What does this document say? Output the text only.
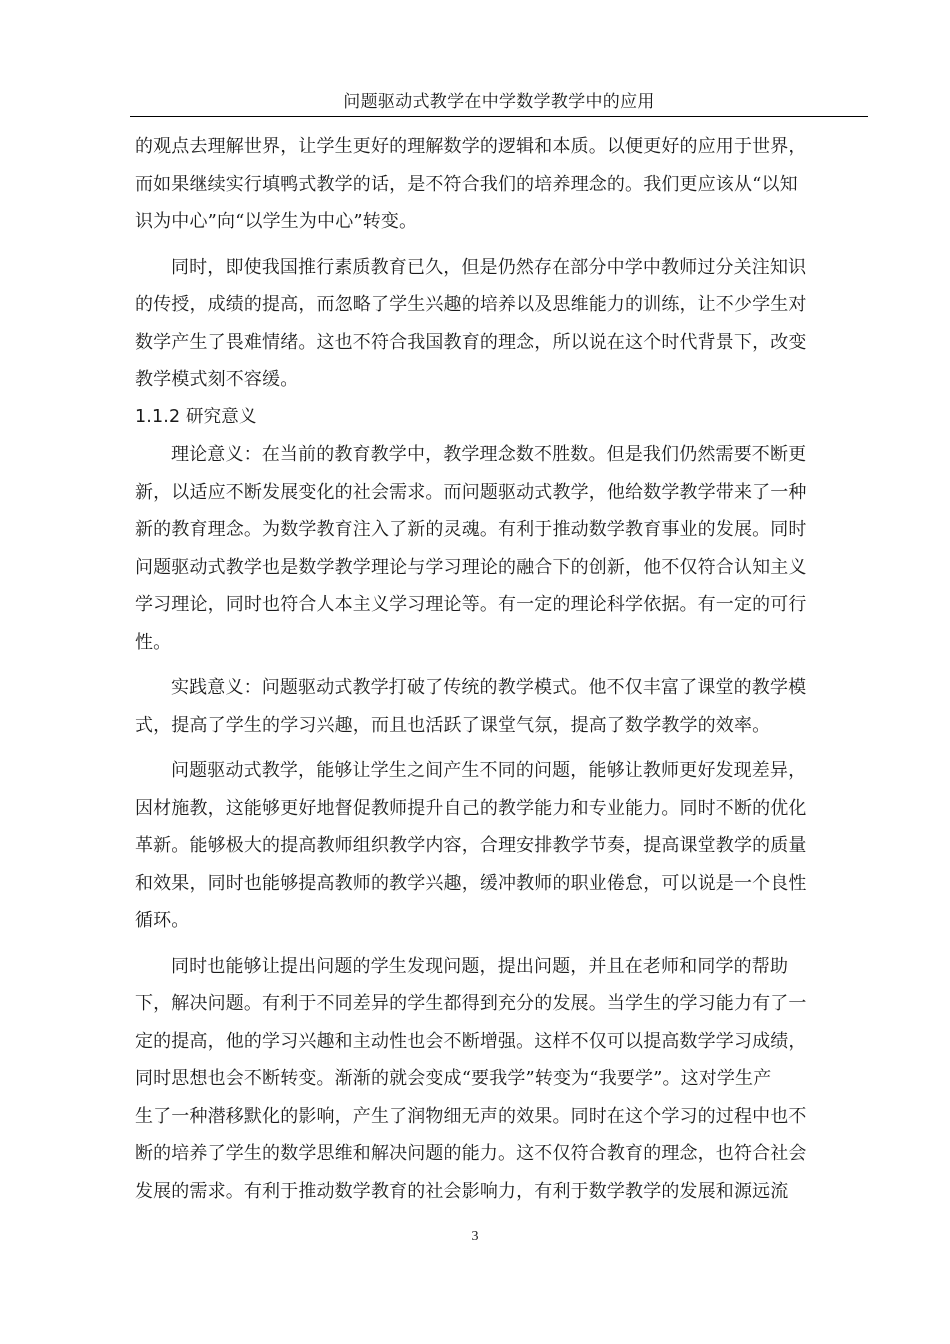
问题驱动式教学在中学数学教学中的应用
的观点去理解世界，让学生更好的理解数学的逻辑和本质。以便更好的应用于世界，
而如果继续实行填鸭式教学的话，是不符合我们的培养理念的。我们更应该从“以知
识为中心”向“以学生为中心”转变。
同时，即使我国推行素质教育已久，但是仍然存在部分中学中教师过分关注知识
的传授，成绩的提高，而忽略了学生兴趣的培养以及思维能力的训练，让不少学生对
数学产生了畏难情绪。这也不符合我国教育的理念，所以说在这个时代背景下，改变
教学模式刻不容缓。
1.1.2 研究意义
理论意义：在当前的教育教学中，教学理念数不胜数。但是我们仍然需要不断更
新，以适应不断发展变化的社会需求。而问题驱动式教学，他给数学教学带来了一种
新的教育理念。为数学教育注入了新的灵魂。有利于推动数学教育事业的发展。同时
问题驱动式教学也是数学教学理论与学习理论的融合下的创新，他不仅符合认知主义
学习理论，同时也符合人本主义学习理论等。有一定的理论科学依据。有一定的可行
性。
实践意义：问题驱动式教学打破了传统的教学模式。他不仅丰富了课堂的教学模
式，提高了学生的学习兴趣，而且也活跃了课堂气氛，提高了数学教学的效率。
问题驱动式教学，能够让学生之间产生不同的问题，能够让教师更好发现差异，
因材施教，这能够更好地督促教师提升自己的教学能力和专业能力。同时不断的优化
革新。能够极大的提高教师组织教学内容，合理安排教学节奏，提高课堂教学的质量
和效果，同时也能够提高教师的教学兴趣，缓冲教师的职业倦怠，可以说是一个良性
循环。
同时也能够让提出问题的学生发现问题，提出问题，并且在老师和同学的帮助
下，解决问题。有利于不同差异的学生都得到充分的发展。当学生的学习能力有了一
定的提高，他的学习兴趣和主动性也会不断增强。这样不仅可以提高数学学习成绩，
同时思想也会不断转变。渐渐的就会变成“要我学”转变为“我要学”。这对学生产
生了一种潜移默化的影响，产生了润物细无声的效果。同时在这个学习的过程中也不
断的培养了学生的数学思维和解决问题的能力。这不仅符合教育的理念，也符合社会
发展的需求。有利于推动数学教育的社会影响力，有利于数学教学的发展和源远流
3
